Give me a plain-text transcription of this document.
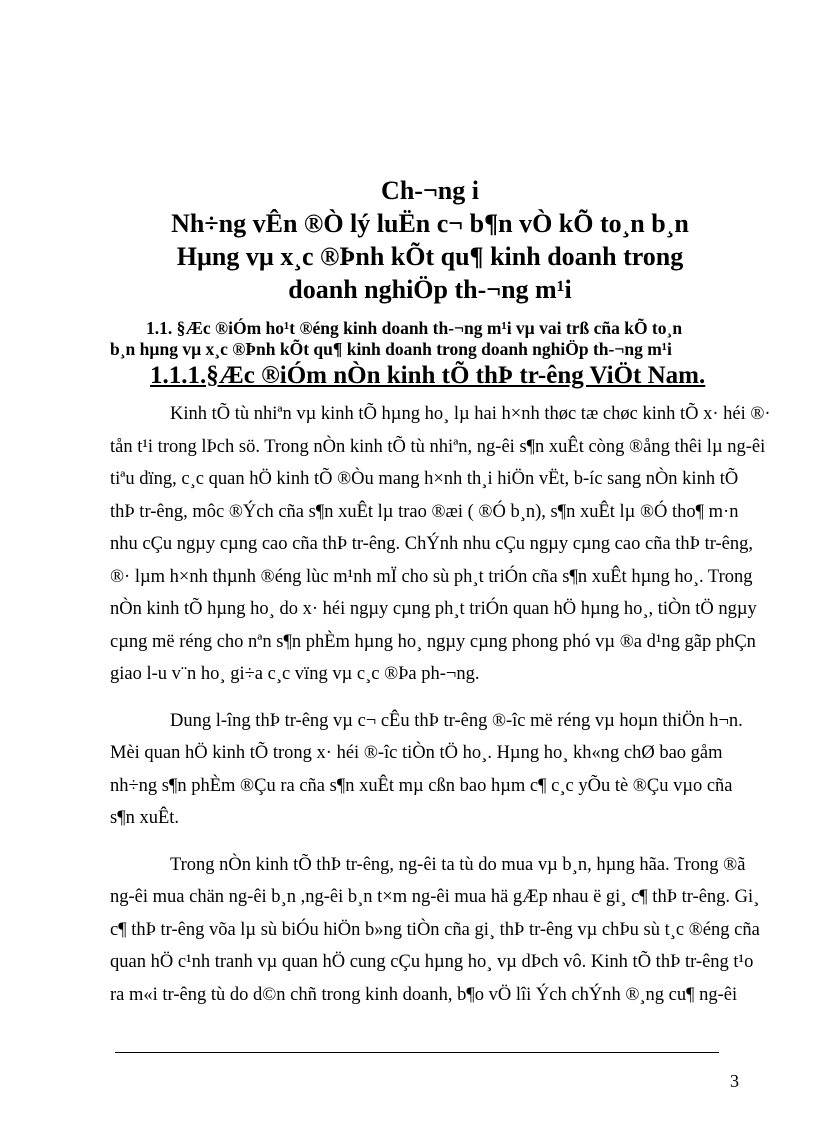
Ch-¬ng i
Nh÷ng vÊn ®Ò lý luËn c¬ b¶n vÒ kÕ to¸n b¸n
Hµng vµ x¸c ®Þnh kÕt qu¶ kinh doanh trong
doanh nghiÖp th-¬ng m¹i
1.1. §Æc ®iÓm ho¹t ®éng kinh doanh th-¬ng m¹i vµ vai trß cña kÕ to¸n
b¸n hµng vµ x¸c ®Þnh kÕt qu¶ kinh doanh trong doanh nghiÖp th-¬ng m¹i
1.1.1.§Æc ®iÓm nÒn kinh tÕ thÞ tr-êng ViÖt Nam.

Kinh tÕ tù nhiªn vµ kinh tÕ hµng ho¸ lµ hai h×nh thøc tæ chøc kinh tÕ x· héi ®·
tån t¹i trong lÞch sö. Trong nÒn kinh tÕ tù nhiªn, ng-êi s¶n xuÊt còng ®ång thêi lµ ng-êi
tiªu dïng, c¸c quan hÖ kinh tÕ ®Òu mang h×nh th¸i hiÖn vËt, b-íc sang nÒn kinh tÕ
thÞ tr-êng, môc ®Ých cña s¶n xuÊt lµ trao ®æi ( ®Ó b¸n), s¶n xuÊt lµ ®Ó tho¶ m·n
nhu cÇu ngµy cµng cao cña thÞ tr-êng. ChÝnh nhu cÇu ngµy cµng cao cña thÞ tr-êng,
®· lµm h×nh thµnh ®éng lùc m¹nh mÏ cho sù ph¸t triÓn cña s¶n xuÊt hµng ho¸. Trong
nÒn kinh tÕ hµng ho¸ do x· héi ngµy cµng ph¸t triÓn quan hÖ hµng ho¸, tiÒn tÖ ngµy
cµng më réng cho nªn s¶n phÈm hµng ho¸ ngµy cµng phong phó vµ ®a d¹ng gãp phÇn
giao l-u v¨n ho¸ gi÷a c¸c vïng vµ c¸c ®Þa ph-¬ng.

Dung l-îng thÞ tr-êng vµ c¬ cÊu thÞ tr-êng ®-îc më réng vµ hoµn thiÖn h¬n.
Mèi quan hÖ kinh tÕ trong x· héi ®-îc tiÒn tÖ ho¸. Hµng ho¸ kh«ng chØ bao gåm
nh÷ng s¶n phÈm ®Çu ra cña s¶n xuÊt mµ cßn bao hµm c¶ c¸c yÕu tè ®Çu vµo cña
s¶n xuÊt.

Trong nÒn kinh tÕ thÞ tr-êng, ng-êi ta tù do mua vµ b¸n, hµng hãa. Trong ®ã
ng-êi mua chän ng-êi b¸n ,ng-êi b¸n t×m ng-êi mua hä gÆp nhau ë gi¸ c¶ thÞ tr-êng. Gi¸
c¶ thÞ tr-êng võa lµ sù biÓu hiÖn b»ng tiÒn cña gi¸ thÞ tr-êng vµ chÞu sù t¸c ®éng cña
quan hÖ c¹nh tranh vµ quan hÖ cung cÇu hµng ho¸ vµ dÞch vô. Kinh tÕ thÞ tr-êng t¹o
ra m«i tr-êng tù do d©n chñ trong kinh doanh, b¶o vÖ lîi Ých chÝnh ®¸ng cu¶ ng-êi

3
